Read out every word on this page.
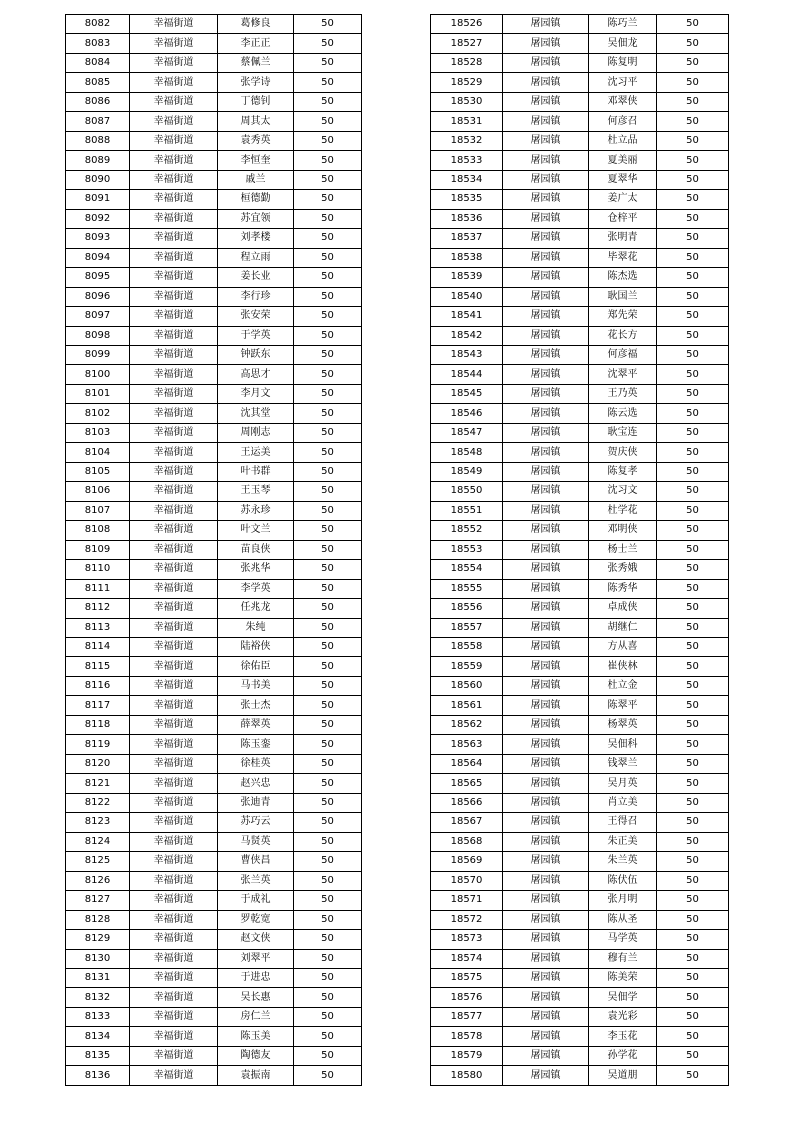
8082	幸福街道	葛修良	50
8083	幸福街道	李正正	50
8084	幸福街道	蔡佩兰	50
8085	幸福街道	张学诗	50
8086	幸福街道	丁德钊	50
8087	幸福街道	周其太	50
8088	幸福街道	袁秀英	50
8089	幸福街道	李恒奎	50
8090	幸福街道	戚兰	50
8091	幸福街道	桓德勤	50
8092	幸福街道	苏宜领	50
8093	幸福街道	刘孝楼	50
8094	幸福街道	程立雨	50
8095	幸福街道	姜长业	50
8096	幸福街道	李行珍	50
8097	幸福街道	张安荣	50
8098	幸福街道	于学英	50
8099	幸福街道	钟跃东	50
8100	幸福街道	高思才	50
8101	幸福街道	李月文	50
8102	幸福街道	沈其堂	50
8103	幸福街道	周刚志	50
8104	幸福街道	王运美	50
8105	幸福街道	叶书群	50
8106	幸福街道	王玉琴	50
8107	幸福街道	苏永珍	50
8108	幸福街道	叶文兰	50
8109	幸福街道	苗良侠	50
8110	幸福街道	张兆华	50
8111	幸福街道	李学英	50
8112	幸福街道	任兆龙	50
8113	幸福街道	朱纯	50
8114	幸福街道	陆裕侠	50
8115	幸福街道	徐佑臣	50
8116	幸福街道	马书美	50
8117	幸福街道	张士杰	50
8118	幸福街道	薛翠英	50
8119	幸福街道	陈玉銮	50
8120	幸福街道	徐桂英	50
8121	幸福街道	赵兴忠	50
8122	幸福街道	张迪青	50
8123	幸福街道	苏巧云	50
8124	幸福街道	马贤英	50
8125	幸福街道	曹侠昌	50
8126	幸福街道	张兰英	50
8127	幸福街道	于成礼	50
8128	幸福街道	罗乾宽	50
8129	幸福街道	赵文侠	50
8130	幸福街道	刘翠平	50
8131	幸福街道	于进忠	50
8132	幸福街道	吴长惠	50
8133	幸福街道	房仁兰	50
8134	幸福街道	陈玉美	50
8135	幸福街道	陶德友	50
8136	幸福街道	袁振南	50
18526	屠园镇	陈巧兰	50
18527	屠园镇	吴佃龙	50
18528	屠园镇	陈复明	50
18529	屠园镇	沈习平	50
18530	屠园镇	邓翠侠	50
18531	屠园镇	何彦召	50
18532	屠园镇	杜立品	50
18533	屠园镇	夏美丽	50
18534	屠园镇	夏翠华	50
18535	屠园镇	姜广太	50
18536	屠园镇	仓梓平	50
18537	屠园镇	张明青	50
18538	屠园镇	毕翠花	50
18539	屠园镇	陈杰选	50
18540	屠园镇	耿国兰	50
18541	屠园镇	郑先荣	50
18542	屠园镇	花长方	50
18543	屠园镇	何彦福	50
18544	屠园镇	沈翠平	50
18545	屠园镇	王乃英	50
18546	屠园镇	陈云选	50
18547	屠园镇	耿宝连	50
18548	屠园镇	贺庆侠	50
18549	屠园镇	陈复孝	50
18550	屠园镇	沈习文	50
18551	屠园镇	杜学花	50
18552	屠园镇	邓明侠	50
18553	屠园镇	杨士兰	50
18554	屠园镇	张秀娥	50
18555	屠园镇	陈秀华	50
18556	屠园镇	卓成侠	50
18557	屠园镇	胡继仁	50
18558	屠园镇	方从喜	50
18559	屠园镇	崔侠林	50
18560	屠园镇	杜立金	50
18561	屠园镇	陈翠平	50
18562	屠园镇	杨翠英	50
18563	屠园镇	吴佃科	50
18564	屠园镇	钱翠兰	50
18565	屠园镇	吴月英	50
18566	屠园镇	肖立美	50
18567	屠园镇	王得召	50
18568	屠园镇	朱正美	50
18569	屠园镇	朱兰英	50
18570	屠园镇	陈伏伍	50
18571	屠园镇	张月明	50
18572	屠园镇	陈从圣	50
18573	屠园镇	马学英	50
18574	屠园镇	穆有兰	50
18575	屠园镇	陈美荣	50
18576	屠园镇	吴佃学	50
18577	屠园镇	袁光彩	50
18578	屠园镇	李玉花	50
18579	屠园镇	孙学花	50
18580	屠园镇	吴道朋	50
